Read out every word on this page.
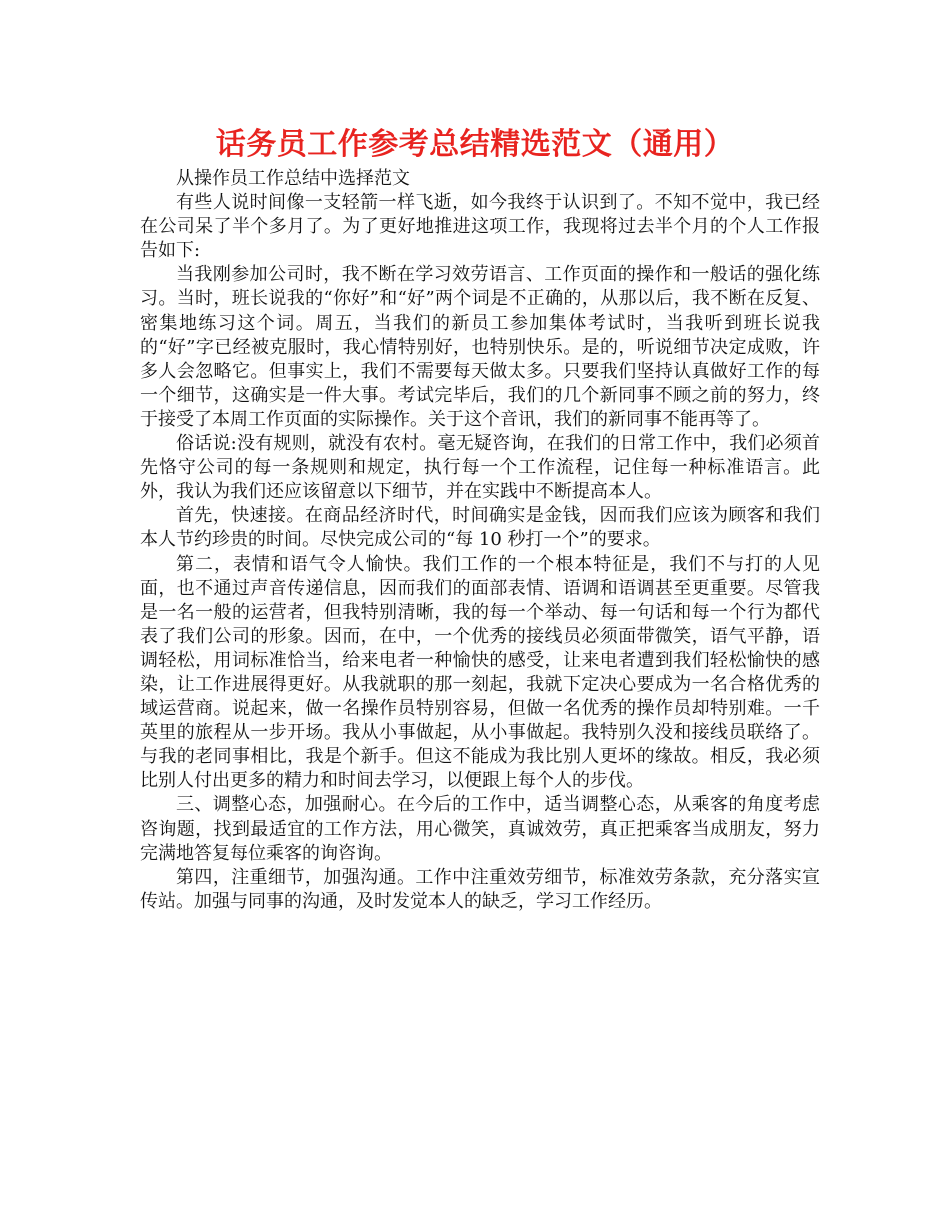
话务员工作参考总结精选范文（通用）

从操作员工作总结中选择范文

有些人说时间像一支轻箭一样飞逝，如今我终于认识到了。不知不觉中，我已经在公司呆了半个多月了。为了更好地推进这项工作，我现将过去半个月的个人工作报告如下:

当我刚参加公司时，我不断在学习效劳语言、工作页面的操作和一般话的强化练习。当时，班长说我的“你好”和“好”两个词是不正确的，从那以后，我不断在反复、密集地练习这个词。周五，当我们的新员工参加集体考试时，当我听到班长说我的“好”字已经被克服时，我心情特别好，也特别快乐。是的，听说细节决定成败，许多人会忽略它。但事实上，我们不需要每天做太多。只要我们坚持认真做好工作的每一个细节，这确实是一件大事。考试完毕后，我们的几个新同事不顾之前的努力，终于接受了本周工作页面的实际操作。关于这个音讯，我们的新同事不能再等了。

俗话说:没有规则，就没有农村。毫无疑咨询，在我们的日常工作中，我们必须首先恪守公司的每一条规则和规定，执行每一个工作流程，记住每一种标准语言。此外，我认为我们还应该留意以下细节，并在实践中不断提高本人。

首先，快速接。在商品经济时代，时间确实是金钱，因而我们应该为顾客和我们本人节约珍贵的时间。尽快完成公司的“每 10 秒打一个”的要求。

第二，表情和语气令人愉快。我们工作的一个根本特征是，我们不与打的人见面，也不通过声音传递信息，因而我们的面部表情、语调和语调甚至更重要。尽管我是一名一般的运营者，但我特别清晰，我的每一个举动、每一句话和每一个行为都代表了我们公司的形象。因而，在中，一个优秀的接线员必须面带微笑，语气平静，语调轻松，用词标准恰当，给来电者一种愉快的感受，让来电者遭到我们轻松愉快的感染，让工作进展得更好。从我就职的那一刻起，我就下定决心要成为一名合格优秀的域运营商。说起来，做一名操作员特别容易，但做一名优秀的操作员却特别难。一千英里的旅程从一步开场。我从小事做起，从小事做起。我特别久没和接线员联络了。与我的老同事相比，我是个新手。但这不能成为我比别人更坏的缘故。相反，我必须比别人付出更多的精力和时间去学习，以便跟上每个人的步伐。

三、调整心态，加强耐心。在今后的工作中，适当调整心态，从乘客的角度考虑咨询题，找到最适宜的工作方法，用心微笑，真诚效劳，真正把乘客当成朋友，努力完满地答复每位乘客的询咨询。

第四，注重细节，加强沟通。工作中注重效劳细节，标准效劳条款，充分落实宣传站。加强与同事的沟通，及时发觉本人的缺乏，学习工作经历。
